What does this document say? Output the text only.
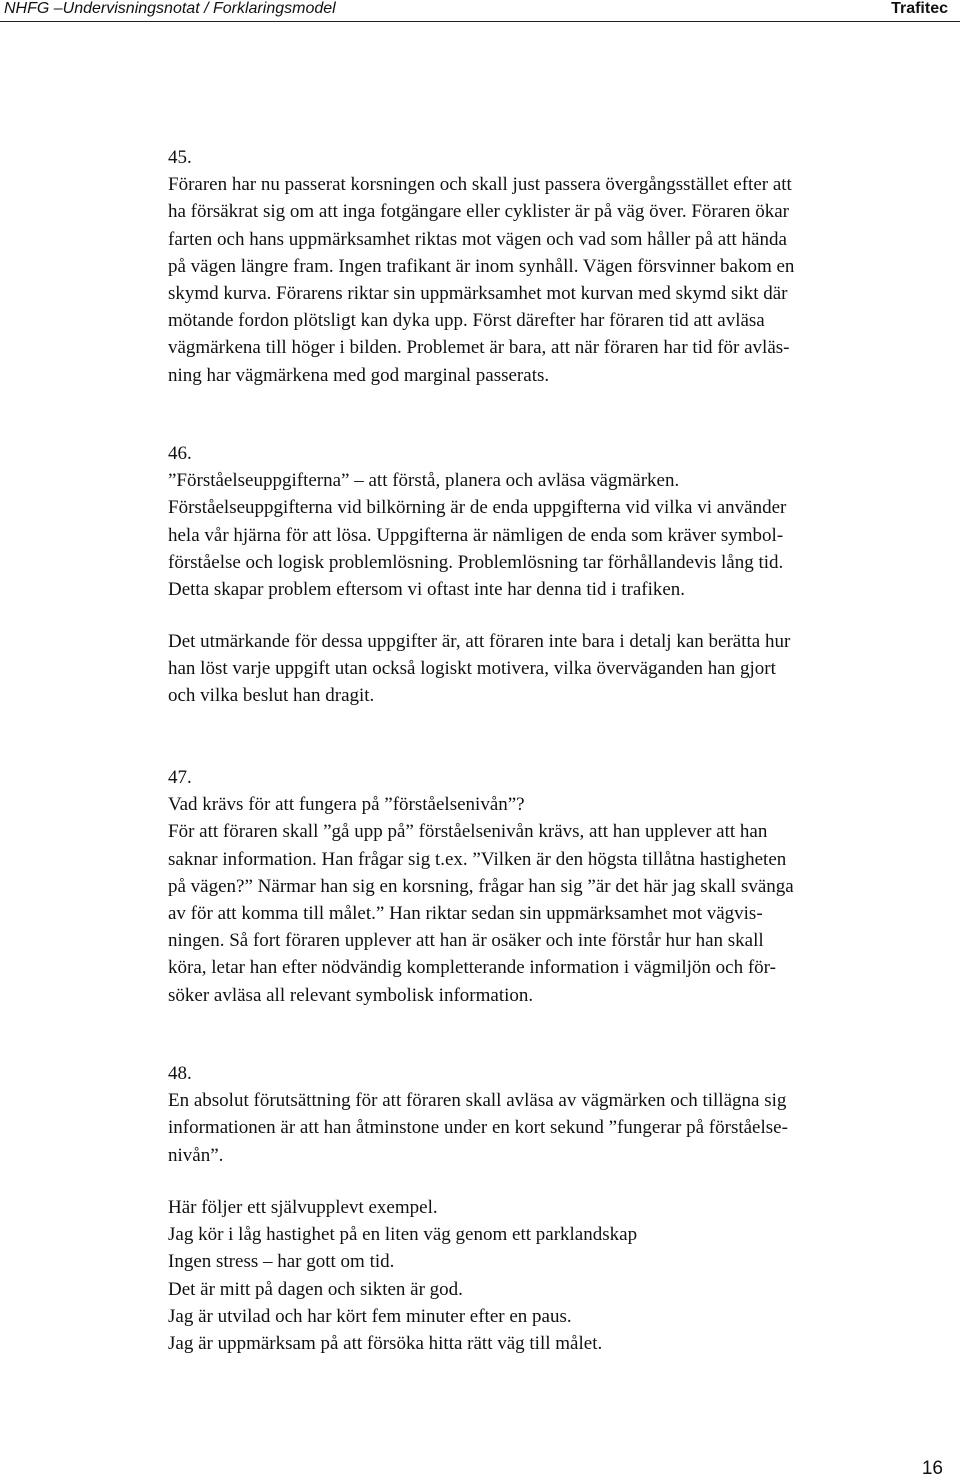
NHFG –Undervisningsnotat / Forklaringsmodel	Trafitec
45.
Föraren har nu passerat korsningen och skall just passera övergångsstället efter att
ha försäkrat sig om att inga fotgängare eller cyklister är på väg över. Föraren ökar
farten och hans uppmärksamhet riktas mot vägen och vad som håller på att hända
på vägen längre fram. Ingen trafikant är inom synhåll. Vägen försvinner bakom en
skymd kurva. Förarens riktar sin uppmärksamhet mot kurvan med skymd sikt där
mötande fordon plötsligt kan dyka upp. Först därefter har föraren tid att avläsa
vägmärkena till höger i bilden. Problemet är bara, att när föraren har tid för avläs-
ning har vägmärkena med god marginal passerats.
46.
”Förståelseuppgifterna” – att förstå, planera och avläsa vägmärken.
Förståelseuppgifterna vid bilkörning är de enda uppgifterna vid vilka vi använder
hela vår hjärna för att lösa. Uppgifterna är nämligen de enda som kräver symbol-
förståelse och logisk problemlösning. Problemlösning tar förhållandevis lång tid.
Detta skapar problem eftersom vi oftast inte har denna tid i trafiken.
Det utmärkande för dessa uppgifter är, att föraren inte bara i detalj kan berätta hur
han löst varje uppgift utan också logiskt motivera, vilka överväganden han gjort
och vilka beslut han dragit.
47.
Vad krävs för att fungera på ”förståelsenivån”?
För att föraren skall ”gå upp på” förståelsenivån krävs, att han upplever att han
saknar information. Han frågar sig t.ex. ”Vilken är den högsta tillåtna hastigheten
på vägen?” Närmar han sig en korsning, frågar han sig ”är det här jag skall svänga
av för att komma till målet.” Han riktar sedan sin uppmärksamhet mot vägvis-
ningen. Så fort föraren upplever att han är osäker och inte förstår hur han skall
köra, letar han efter nödvändig kompletterande information i vägmiljön och för-
söker avläsa all relevant symbolisk information.
48.
En absolut förutsättning för att föraren skall avläsa av vägmärken och tillägna sig
informationen är att han åtminstone under en kort sekund ”fungerar på förståelse-
nivån”.
Här följer ett självupplevt exempel.
Jag kör i låg hastighet på en liten väg genom ett parklandskap
Ingen stress – har gott om tid.
Det är mitt på dagen och sikten är god.
Jag är utvilad och har kört fem minuter efter en paus.
Jag är uppmärksam på att försöka hitta rätt väg till målet.
16
